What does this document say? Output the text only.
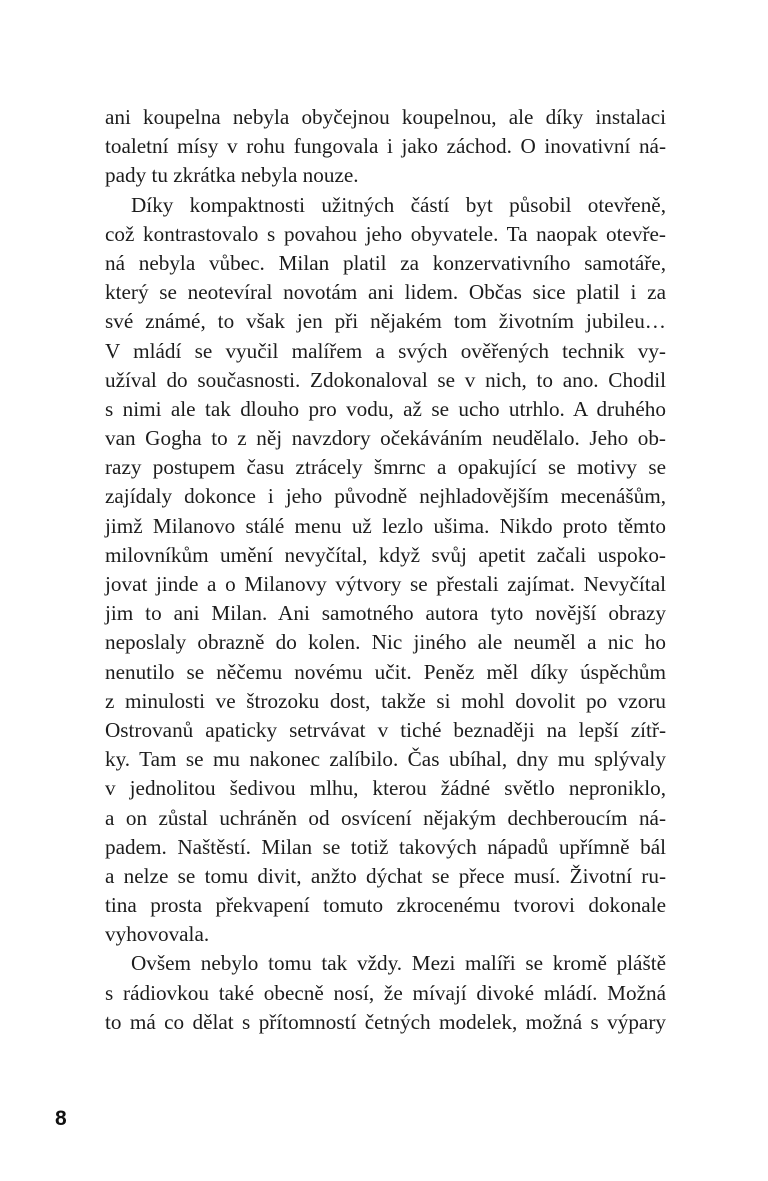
ani koupelna nebyla obyčejnou koupelnou, ale díky instalaci
toaletní mísy v rohu fungovala i jako záchod. O inovativní ná-
pady tu zkrátka nebyla nouze.
Díky kompaktnosti užitných částí byt působil otevřeně,
což kontrastovalo s povahou jeho obyvatele. Ta naopak otevře-
ná nebyla vůbec. Milan platil za konzervativního samotáře,
který se neotevíral novotám ani lidem. Občas sice platil i za
své známé, to však jen při nějakém tom životním jubileu…
V mládí se vyučil malířem a svých ověřených technik vy-
užíval do současnosti. Zdokonaloval se v nich, to ano. Chodil
s nimi ale tak dlouho pro vodu, až se ucho utrhlo. A druhého
van Gogha to z něj navzdory očekáváním neudělalo. Jeho ob-
razy postupem času ztrácely šmrnc a opakující se motivy se
zajídaly dokonce i jeho původně nejhladovějším mecenášům,
jimž Milanovo stálé menu už lezlo ušima. Nikdo proto těmto
milovníkům umění nevyčítal, když svůj apetit začali uspoko-
jovat jinde a o Milanovy výtvory se přestali zajímat. Nevyčítal
jim to ani Milan. Ani samotného autora tyto novější obrazy
neposlaly obrazně do kolen. Nic jiného ale neuměl a nic ho
nenutilo se něčemu novému učit. Peněz měl díky úspěchům
z minulosti ve štrozoku dost, takže si mohl dovolit po vzoru
Ostrovanů apaticky setrvávat v tiché beznaději na lepší zítř-
ky. Tam se mu nakonec zalíbilo. Čas ubíhal, dny mu splývaly
v jednolitou šedivou mlhu, kterou žádné světlo neproniklo,
a on zůstal uchráněn od osvícení nějakým dechberoucím ná-
padem. Naštěstí. Milan se totiž takových nápadů upřímně bál
a nelze se tomu divit, anžto dýchat se přece musí. Životní ru-
tina prosta překvapení tomuto zkrocenému tvorovi dokonale
vyhovovala.
Ovšem nebylo tomu tak vždy. Mezi malíři se kromě pláště
s rádiovkou také obecně nosí, že mívají divoké mládí. Možná
to má co dělat s přítomností četných modelek, možná s výpary
8
